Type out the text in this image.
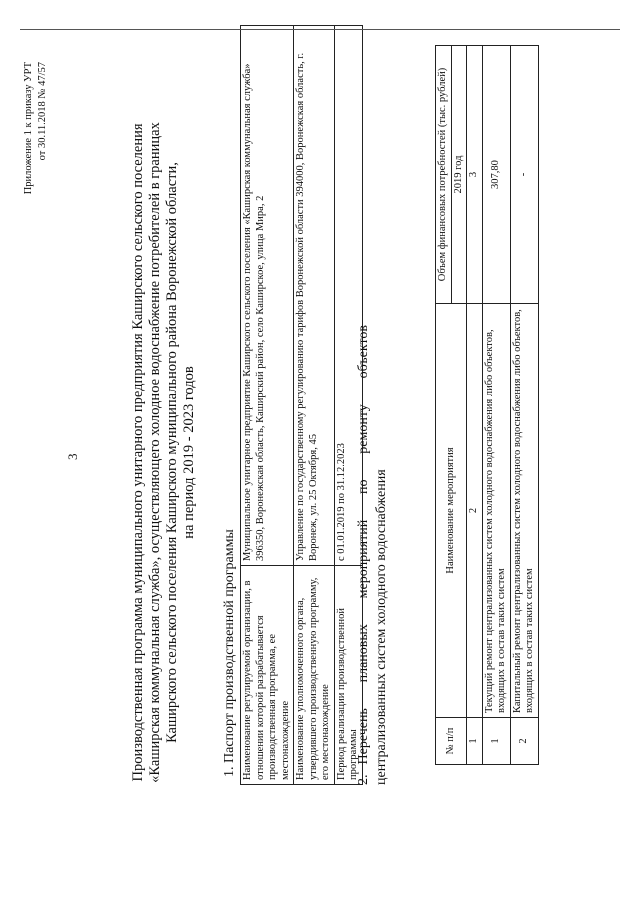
3
Приложение 1 к приказу УРТ от 30.11.2018 № 47/57
Производственная программа муниципального унитарного предприятия Каширского сельского поселения «Каширская коммунальная служба», осуществляющего холодное водоснабжение потребителей в границах Каширского сельского поселения Каширского муниципального района Воронежской области, на период 2019 - 2023 годов
1. Паспорт производственной программы Наименование регулируемой организации, в отношении которой разрабатывается производственная программа, ее местонахождение	Муниципальное унитарное предприятие Каширского сельского поселения «Каширская коммунальная служба» 396350, Воронежская область, Каширский район, село Каширское, улица Мира, 2
Наименование уполномоченного органа, утвердившего производственную программу, его местонахождение	Управление по государственному регулированию тарифов Воронежской области 394000, Воронежская область, г. Воронеж, ул. 25 Октября, 45
Период реализации производственной программы	с 01.01.2019 по 31.12.2023
2.Перечень плановых мероприятий по ремонту объектов централизованных систем холодного водоснабжения	№ п/п	Наименование мероприятия	Объем финансовых потребностей (тыс. рублей)
		2019 год
1	2	3
1	Текущий ремонт централизованных систем холодного водоснабжения либо объектов, входящих в состав таких систем	307,80
2	Капитальный ремонт централизованных систем холодного водоснабжения либо объектов, входящих в состав таких систем	-
